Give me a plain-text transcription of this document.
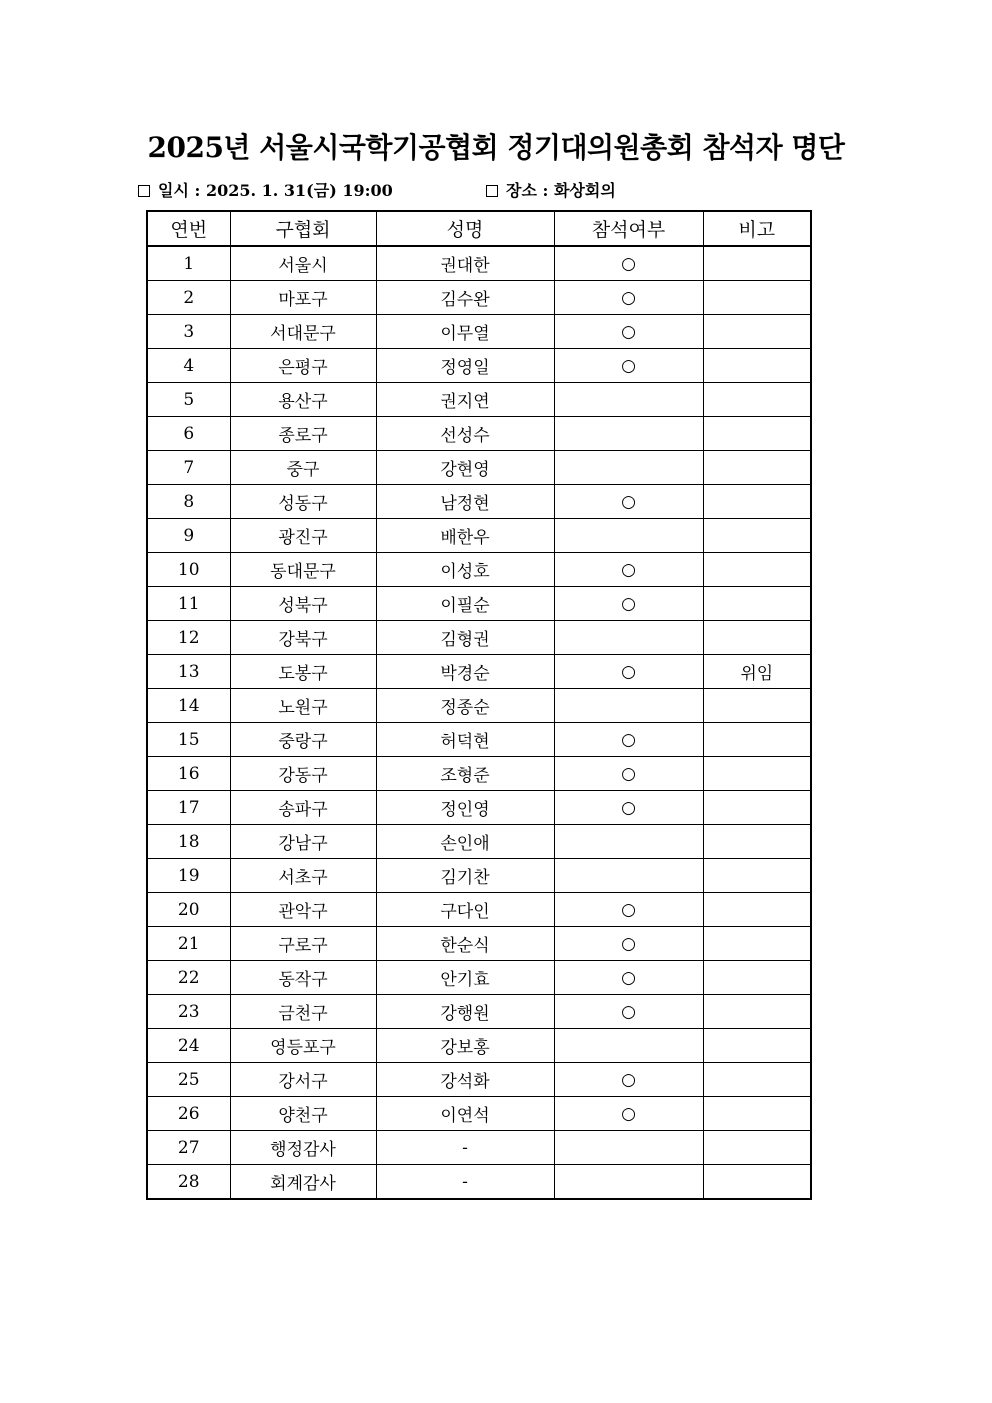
2025년 서울시국학기공협회 정기대의원총회 참석자 명단
일시 : 2025. 1. 31(금) 19:00	장소 : 화상회의
연번	구협회	성명	참석여부	비고
1	서울시	권대한	○	
2	마포구	김수완	○	
3	서대문구	이무열	○	
4	은평구	정영일	○	
5	용산구	권지연		
6	종로구	선성수		
7	중구	강현영		
8	성동구	남정현	○	
9	광진구	배한우		
10	동대문구	이성호	○	
11	성북구	이필순	○	
12	강북구	김형권		
13	도봉구	박경순	○	위임
14	노원구	정종순		
15	중랑구	허덕현	○	
16	강동구	조형준	○	
17	송파구	정인영	○	
18	강남구	손인애		
19	서초구	김기찬		
20	관악구	구다인	○	
21	구로구	한순식	○	
22	동작구	안기효	○	
23	금천구	강행원	○	
24	영등포구	강보홍		
25	강서구	강석화	○	
26	양천구	이연석	○	
27	행정감사	-		
28	회계감사	-		
